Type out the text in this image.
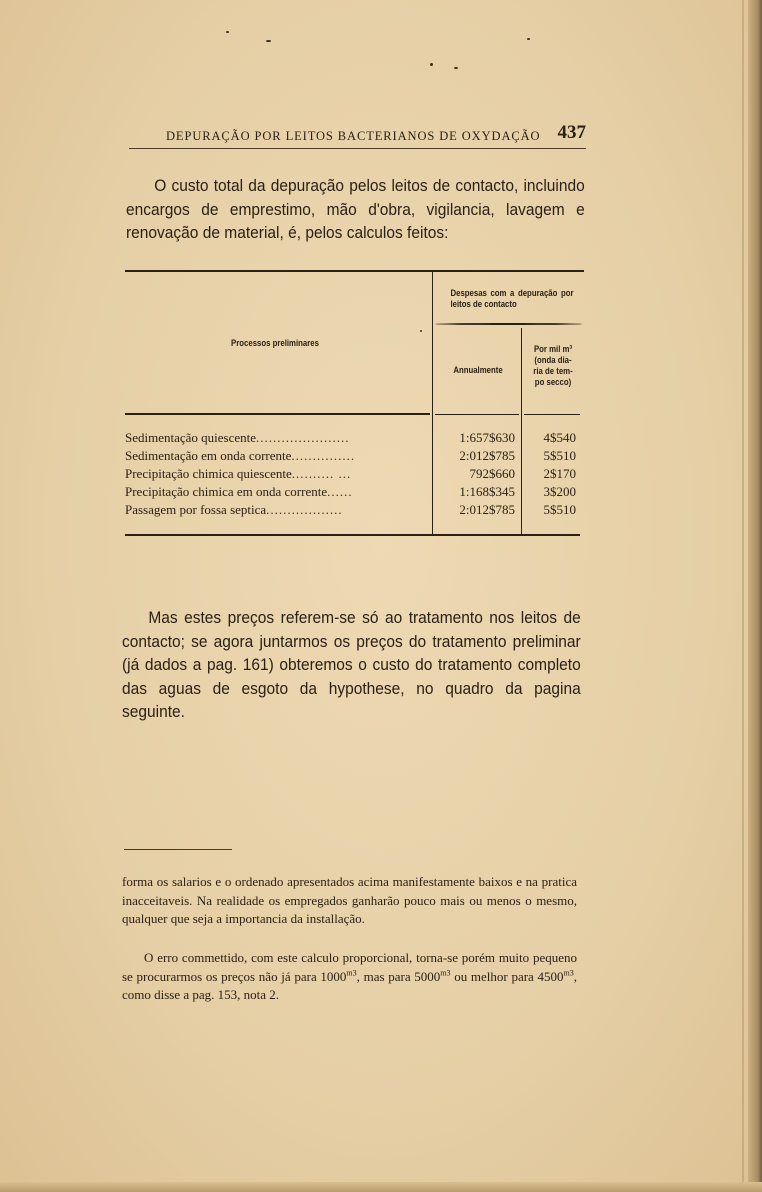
DEPURAÇÃO POR LEITOS BACTERIANOS DE OXYDAÇÃO 437
O custo total da depuração pelos leitos de contacto, incluindo encargos de emprestimo, mão d'obra, vigilancia, lavagem e renovação de material, é, pelos calculos feitos:
Despesas com a depuração por leitos de contacto
Processos preliminares
Annualmente
Por mil m³
(onda dia-
ria de tem-
po secco)
Sedimentação quiescente......................	1:657$630	4$540
Sedimentação em onda corrente...............	2:012$785	5$510
Precipitação chimica quiescente.......... ...	792$660	2$170
Precipitação chimica em onda corrente......	1:168$345	3$200
Passagem por fossa septica..................	2:012$785	5$510
Mas estes preços referem-se só ao tratamento nos leitos de contacto; se agora juntarmos os preços do tratamento preliminar (já dados a pag. 161) obteremos o custo do tratamento completo das aguas de esgoto da hypothese, no quadro da pagina seguinte.
forma os salarios e o ordenado apresentados acima manifestamente baixos e na pratica inacceitaveis. Na realidade os empregados ganharão pouco mais ou menos o mesmo, qualquer que seja a importancia da installação.
O erro commettido, com este calculo proporcional, torna-se porém muito pequeno se procurarmos os preços não já para $1000^{m3}$, mas para $5000^{m3}$ ou melhor para $4500^{m3}$, como disse a pag. 153, nota 2.
